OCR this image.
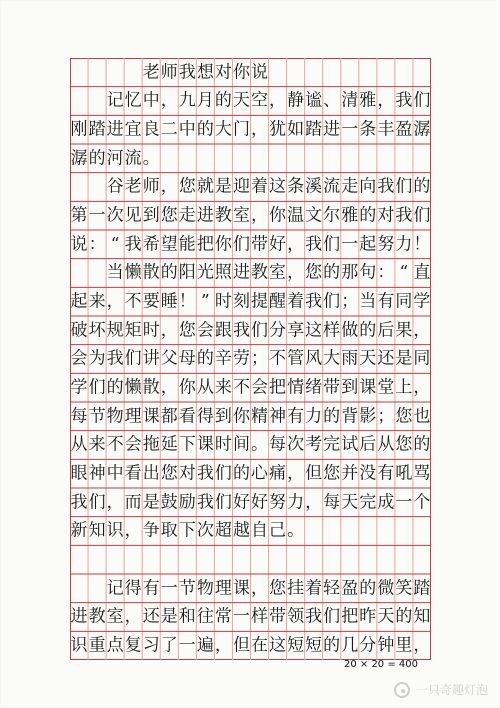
老 师 我 想 对 你 说

记 忆 中 ， 九 月 的 天 空 ， 静 谧 、 清 雅 ， 我 们
刚 踏 进 宜 良 二 中 的 大 门 ， 犹 如 踏 进 一 条 丰 盈 潺
潺 的 河 流 。

谷 老 师 ， 您 就 是 迎 着 这 条 溪 流 走 向 我 们 的
第 一 次 见 到 您 走 进 教 室 ， 你 温 文 尔 雅 的 对 我 们
说 ： “ 我 希 望 能 把 你 们 带 好 ， 我 们 一 起 努 力 ！

当 懒 散 的 阳 光 照 进 教 室 ， 您 的 那 句 ： “ 直
起 来 ， 不 要 睡 ！ ” 时 刻 提 醒 着 我 们 ； 当 有 同 学
破 坏 规 矩 时 ， 您 会 跟 我 们 分 享 这 样 做 的 后 果 ，
会 为 我 们 讲 父 母 的 辛 劳 ； 不 管 风 大 雨 天 还 是 同
学 们 的 懒 散 ， 你 从 来 不 会 把 情 绪 带 到 课 堂 上 ，
每 节 物 理 课 都 看 得 到 你 精 神 有 力 的 背 影 ； 您 也
从 来 不 会 拖 延 下 课 时 间 。 每 次 考 完 试 后 从 您 的
眼 神 中 看 出 您 对 我 们 的 心 痛 ， 但 您 并 没 有 吼 骂
我 们 ， 而 是 鼓 励 我 们 好 好 努 力 ， 每 天 完 成 一 个
新 知 识 ， 争 取 下 次 超 越 自 己 。

记 得 有 一 节 物 理 课 ， 您 挂 着 轻 盈 的 微 笑 踏
进 教 室 ， 还 是 和 往 常 一 样 带 领 我 们 把 昨 天 的 知
识 重 点 复 习 了 一 遍 ， 但 在 这 短 短 的 几 分 钟 里 ，
20 × 20 = 400
一只奇趣灯泡
